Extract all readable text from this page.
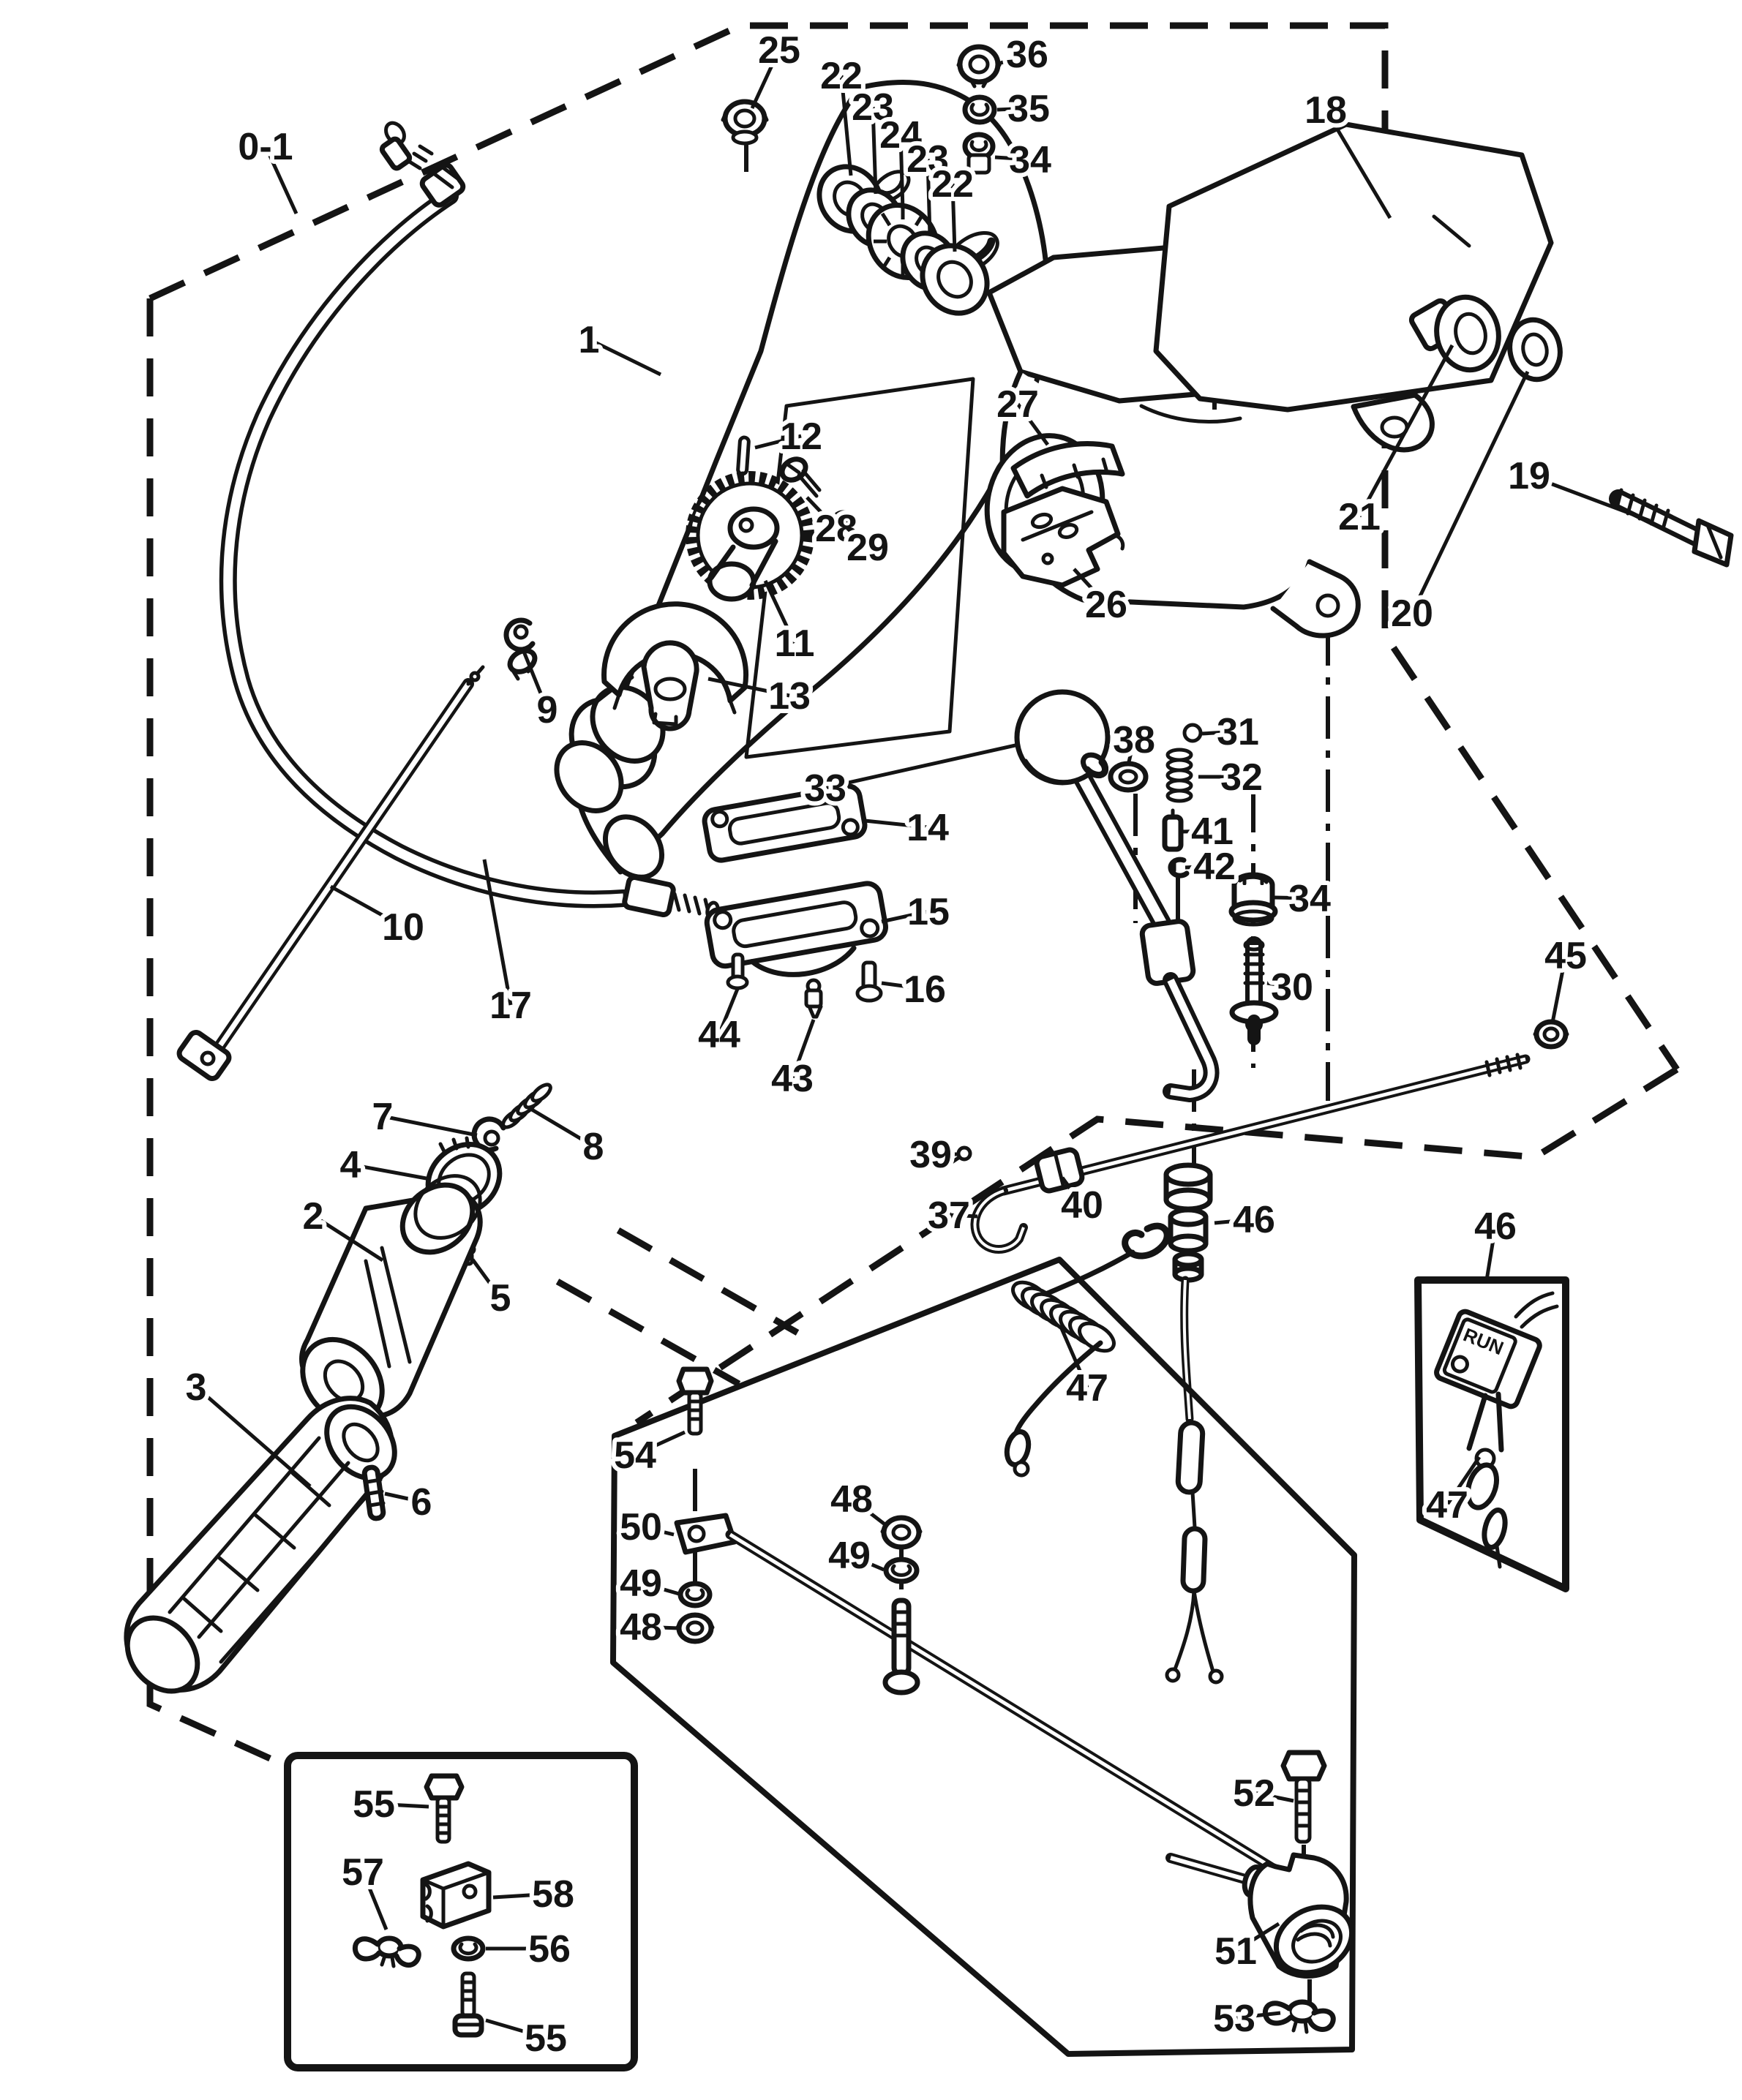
RUN
0-1
25
22
23
24
23
22
36
35
34
18
1
12
27
28
29
21
20
19
26
11
9	13
33
38 31
32
41
42
34
14
15
16	30
10
17
44
43
45
7
8
4	39
37 40
2
5
46	46
47
3
6
54
48
49
50
49
48
52
51
53
55
57
58
56
55
47
